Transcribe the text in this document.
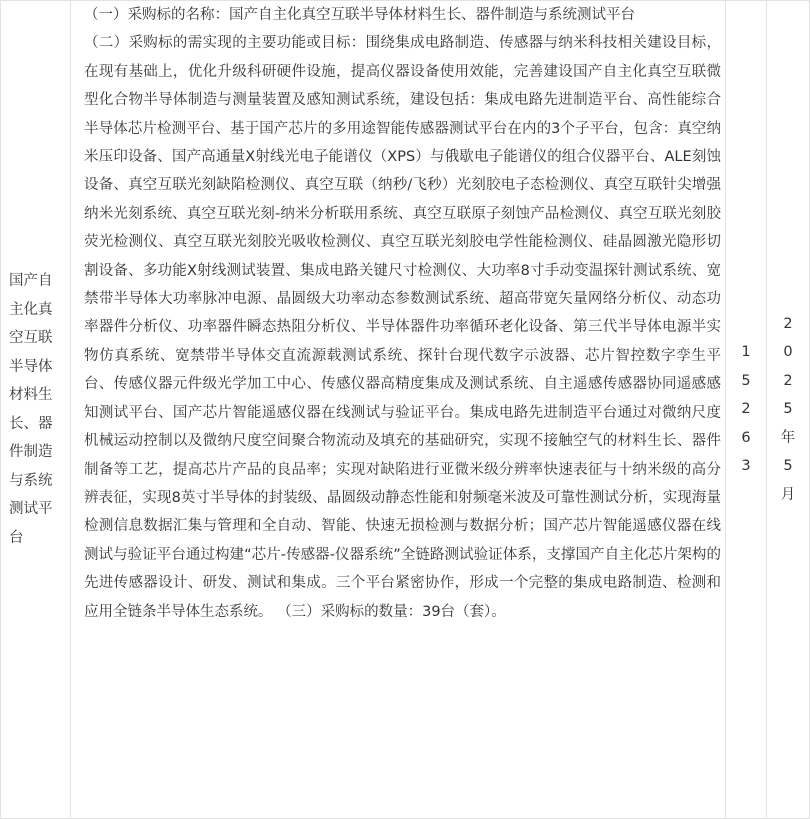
国产自主化真空互联半导体材料生长、器件制造与系统测试平台	

（一）采购标的名称：国产自主化真空互联半导体材料生长、器件制造与系统测试平台

（二）采购标的需实现的主要功能或目标：围绕集成电路制造、传感器与纳米科技相关建设目标，在现有基础上，优化升级科研硬件设施，提高仪器设备使用效能，完善建设国产自主化真空互联微型化合物半导体制造与测量装置及感知测试系统，建设包括：集成电路先进制造平台、高性能综合半导体芯片检测平台、基于国产芯片的多用途智能传感器测试平台在内的3个子平台，包含：真空纳米压印设备、国产高通量X射线光电子能谱仪（XPS）与俄歇电子能谱仪的组合仪器平台、ALE刻蚀设备、真空互联光刻缺陷检测仪、真空互联（纳秒/飞秒）光刻胶电子态检测仪、真空互联针尖增强纳米光刻系统、真空互联光刻-纳米分析联用系统、真空互联原子刻蚀产品检测仪、真空互联光刻胶荧光检测仪、真空互联光刻胶光吸收检测仪、真空互联光刻胶电学性能检测仪、硅晶圆激光隐形切割设备、多功能X射线测试装置、集成电路关键尺寸检测仪、大功率8寸手动变温探针测试系统、宽禁带半导体大功率脉冲电源、晶圆级大功率动态参数测试系统、超高带宽矢量网络分析仪、动态功率器件分析仪、功率器件瞬态热阻分析仪、半导体器件功率循环老化设备、第三代半导体电源半实物仿真系统、宽禁带半导体交直流源载测试系统、探针台现代数字示波器、芯片智控数字孪生平台、传感仪器元件级光学加工中心、传感仪器高精度集成及测试系统、自主遥感传感器协同遥感感知测试平台、国产芯片智能遥感仪器在线测试与验证平台。集成电路先进制造平台通过对微纳尺度机械运动控制以及微纳尺度空间聚合物流动及填充的基础研究，实现不接触空气的材料生长、器件制备等工艺，提高芯片产品的良品率；实现对缺陷进行亚微米级分辨率快速表征与十纳米级的高分辨表征，实现8英寸半导体的封装级、晶圆级动静态性能和射频毫米波及可靠性测试分析，实现海量检测信息数据汇集与管理和全自动、智能、快速无损检测与数据分析；国产芯片智能遥感仪器在线测试与验证平台通过构建“芯片-传感器-仪器系统”全链路测试验证体系，支撑国产自主化芯片架构的先进传感器设计、研发、测试和集成。三个平台紧密协作，形成一个完整的集成电路制造、检测和应用全链条半导体生态系统。 （三）采购标的数量：39台（套）。

	15263	2025年5月
